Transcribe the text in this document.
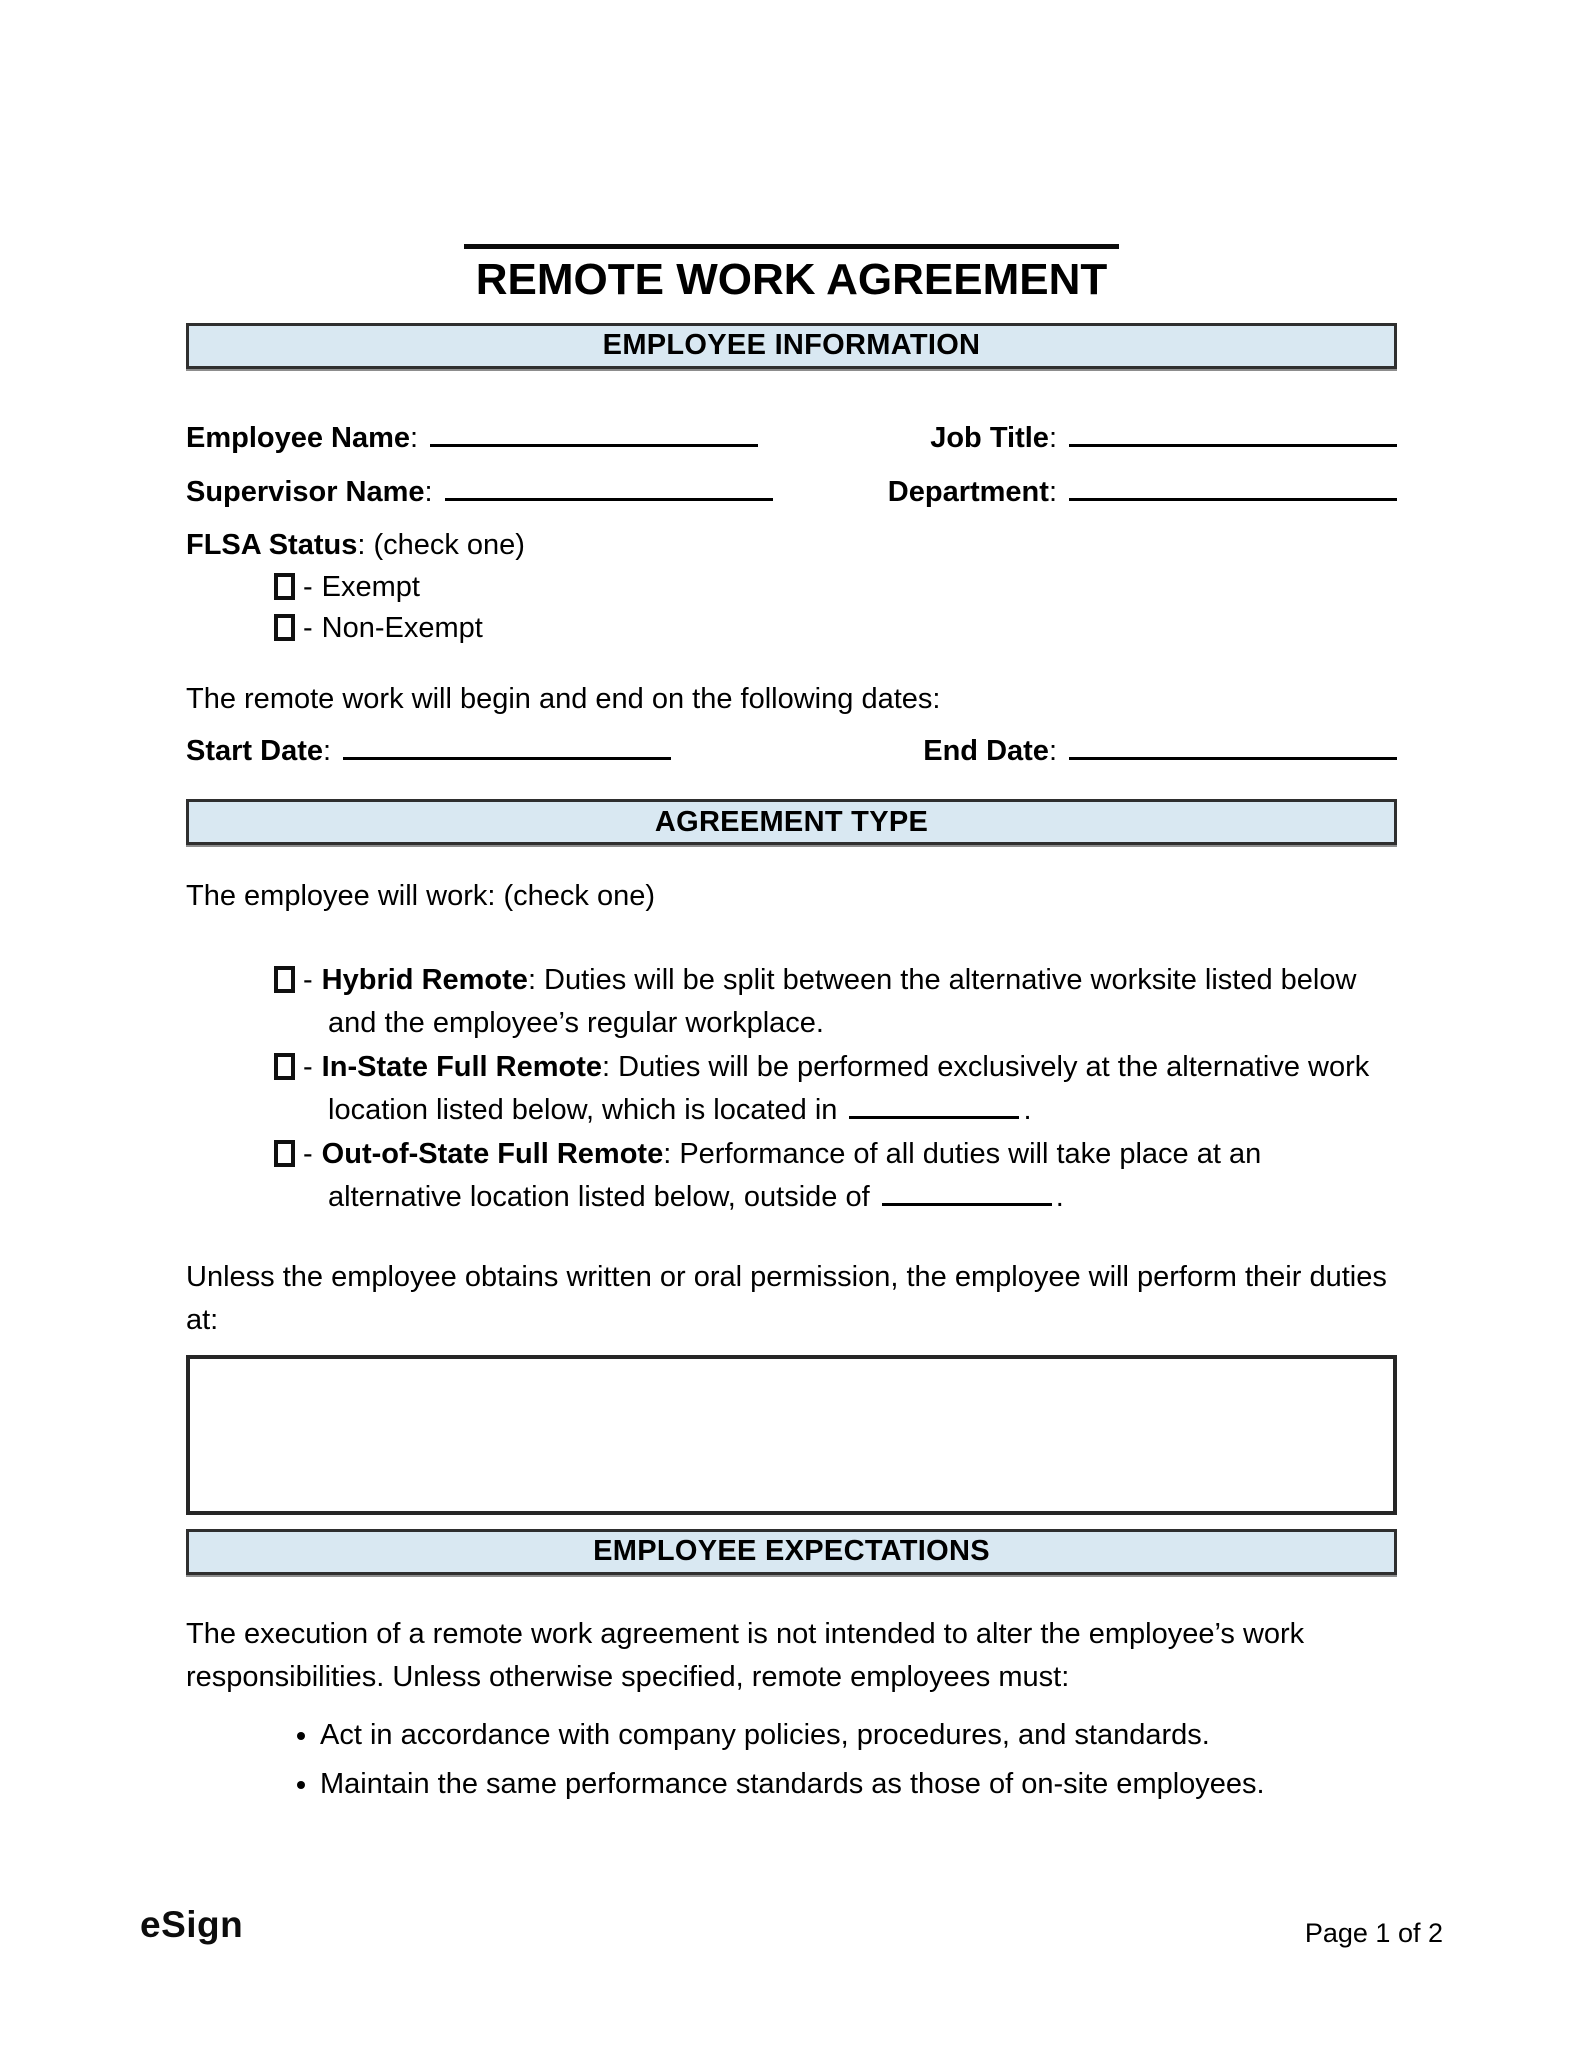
REMOTE WORK AGREEMENT
EMPLOYEE INFORMATION
Employee Name :	Job Title :
Supervisor Name :	Department :
FLSA Status: (check one)
- Exempt
- Non-Exempt

The remote work will begin and end on the following dates:

Start Date :	End Date :
AGREEMENT TYPE

The employee will work: (check one)

- Hybrid Remote: Duties will be split between the alternative worksite listed below and the employee’s regular workplace.
- In-State Full Remote: Duties will be performed exclusively at the alternative work location listed below, which is located in	.
- Out-of-State Full Remote: Performance of all duties will take place at an alternative location listed below, outside of	.

Unless the employee obtains written or oral permission, the employee will perform their duties at:

EMPLOYEE EXPECTATIONS

The execution of a remote work agreement is not intended to alter the employee’s work responsibilities. Unless otherwise specified, remote employees must:

• Act in accordance with company policies, procedures, and standards.
• Maintain the same performance standards as those of on-site employees.
eSign	Page 1 of 2
